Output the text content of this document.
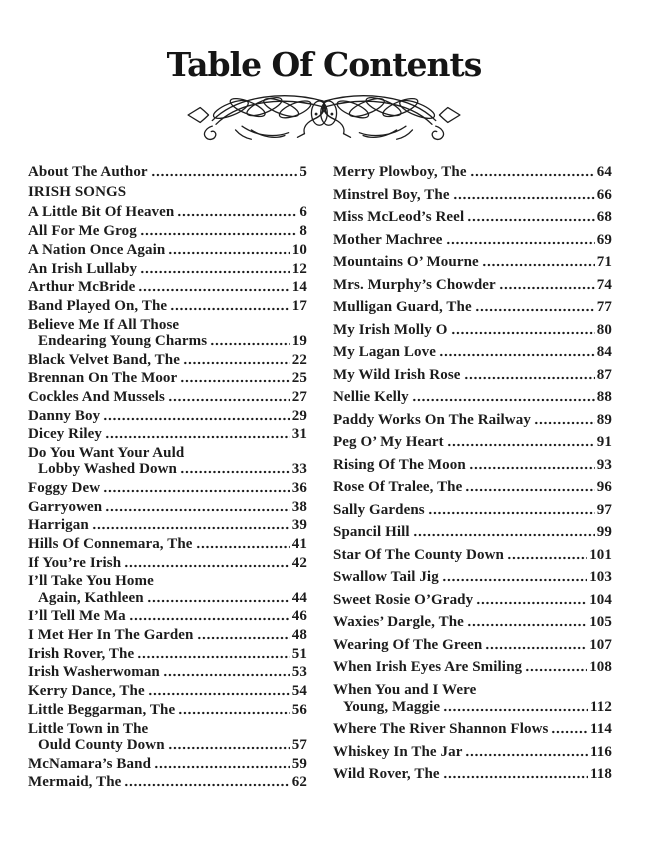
Table Of Contents
About The Author	5
IRISH SONGS
A Little Bit Of Heaven	6
All For Me Grog	8
A Nation Once Again	10
An Irish Lullaby	12
Arthur McBride	14
Band Played On, The	17
Believe Me If All Those
Endearing Young Charms	19
Black Velvet Band, The	22
Brennan On The Moor	25
Cockles And Mussels	27
Danny Boy	29
Dicey Riley	31
Do You Want Your Auld
Lobby Washed Down	33
Foggy Dew	36
Garryowen	38
Harrigan	39
Hills Of Connemara, The	41
If You’re Irish	42
I’ll Take You Home
Again, Kathleen	44
I’ll Tell Me Ma	46
I Met Her In The Garden	48
Irish Rover, The	51
Irish Washerwoman	53
Kerry Dance, The	54
Little Beggarman, The	56
Little Town in The
Ould County Down	57
McNamara’s Band	59
Mermaid, The	62
Merry Plowboy, The	64
Minstrel Boy, The	66
Miss McLeod’s Reel	68
Mother Machree	69
Mountains O’ Mourne	71
Mrs. Murphy’s Chowder	74
Mulligan Guard, The	77
My Irish Molly O	80
My Lagan Love	84
My Wild Irish Rose	87
Nellie Kelly	88
Paddy Works On The Railway	89
Peg O’ My Heart	91
Rising Of The Moon	93
Rose Of Tralee, The	96
Sally Gardens	97
Spancil Hill	99
Star Of The County Down	101
Swallow Tail Jig	103
Sweet Rosie O’Grady	104
Waxies’ Dargle, The	105
Wearing Of The Green	107
When Irish Eyes Are Smiling	108
When You and I Were
Young, Maggie	112
Where The River Shannon Flows	114
Whiskey In The Jar	116
Wild Rover, The	118
